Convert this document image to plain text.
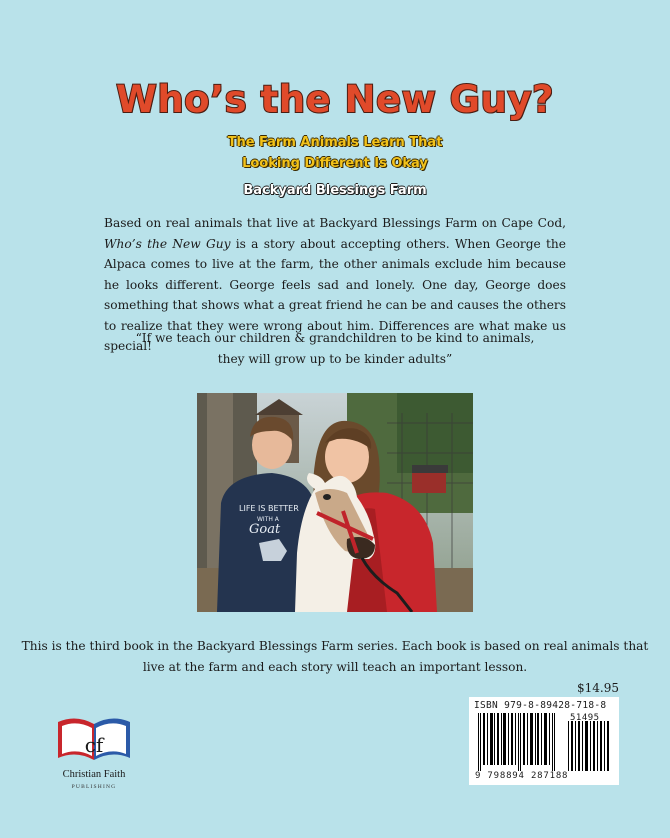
Who’s the New Guy?
The Farm Animals Learn That
Looking Different Is Okay
Backyard Blessings Farm
Based on real animals that live at Backyard Blessings Farm on Cape Cod, Who’s the New Guy is a story about accepting others. When George the Alpaca comes to live at the farm, the other animals exclude him because he looks different. George feels sad and lonely. One day, George does something that shows what a great friend he can be and causes the others to realize that they were wrong about him. Differences are what make us special!
“If we teach our children & grandchildren to be kind to animals,
they will grow up to be kinder adults”
LIFE IS BETTER
WITH A
Goat
This is the third book in the Backyard Blessings Farm series. Each book is based on real animals that
live at the farm and each story will teach an important lesson.
$14.95
ISBN 979-8-89428-718-8
51495
9 798894 287188
cf
Christian Faith
PUBLISHING
